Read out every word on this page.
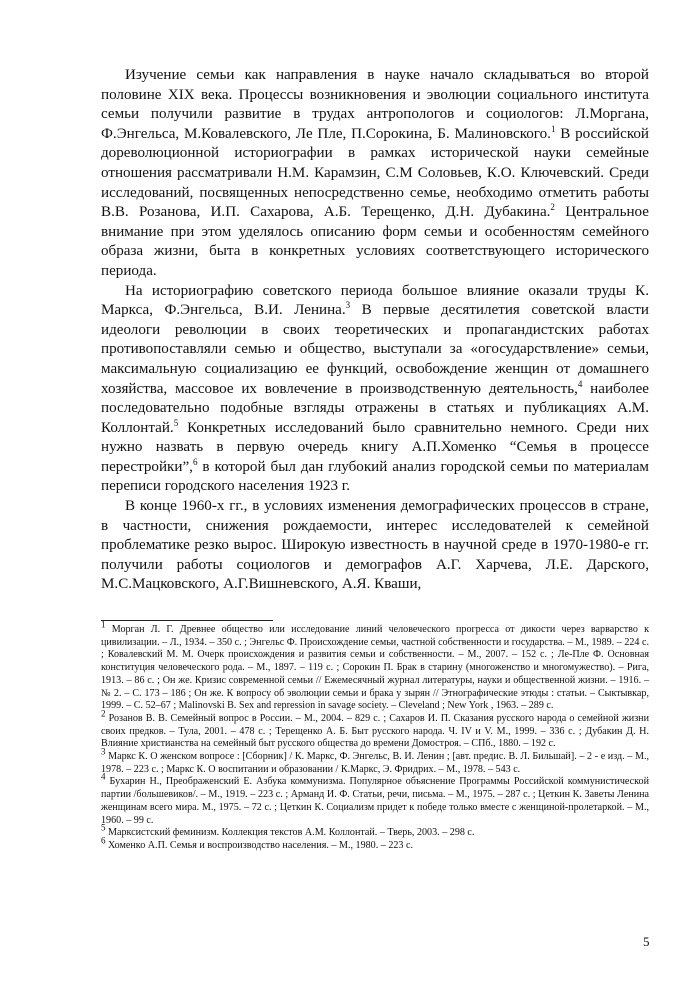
Изучение семьи как направления в науке начало складываться во второй половине XIX века. Процессы возникновения и эволюции социального института семьи получили развитие в трудах антропологов и социологов: Л.Моргана, Ф.Энгельса, М.Ковалевского, Ле Пле, П.Сорокина, Б. Малиновского.$^1$ В российской дореволюционной историографии в рамках исторической науки семейные отношения рассматривали Н.М. Карамзин, С.М Соловьев, К.О. Ключевский. Среди исследований, посвященных непосредственно семье, необходимо отметить работы В.В. Розанова, И.П. Сахарова, А.Б. Терещенко, Д.Н. Дубакина.$^2$ Центральное внимание при этом уделялось описанию форм семьи и особенностям семейного образа жизни, быта в конкретных условиях соответствующего исторического периода.

На историографию советского периода большое влияние оказали труды К. Маркса, Ф.Энгельса, В.И. Ленина.$^3$ В первые десятилетия советской власти идеологи революции в своих теоретических и пропагандистских работах противопоставляли семью и общество, выступали за «огосударствление» семьи, максимальную социализацию ее функций, освобождение женщин от домашнего хозяйства, массовое их вовлечение в производственную деятельность,$^4$ наиболее последовательно подобные взгляды отражены в статьях и публикациях А.М. Коллонтай.$^5$ Конкретных исследований было сравнительно немного. Среди них нужно назвать в первую очередь книгу А.П.Хоменко “Семья в процессе перестройки”,$^6$ в которой был дан глубокий анализ городской семьи по материалам переписи городского населения 1923 г.

В конце 1960-х гг., в условиях изменения демографических процессов в стране, в частности, снижения рождаемости, интерес исследователей к семейной проблематике резко вырос. Широкую известность в научной среде в 1970-1980-е гг. получили работы социологов и демографов А.Г. Харчева, Л.Е. Дарского, М.С.Мацковского, А.Г.Вишневского, А.Я. Кваши,

$^1$ Морган Л. Г. Древнее общество или исследование линий человеческого прогресса от дикости через варварство к цивилизации. – Л., 1934. – 350 с. ; Энгельс Ф. Происхождение семьи, частной собственности и государства. – М., 1989. – 224 с. ; Ковалевский М. М. Очерк происхождения и развития семьи и собственности. – М., 2007. – 152 с. ; Ле-Пле Ф. Основная конституция человеческого рода. – М., 1897. – 119 с. ; Сорокин П. Брак в старину (многоженство и многомужество). – Рига, 1913. – 86 с. ; Он же. Кризис современной семьи // Ежемесячный журнал литературы, науки и общественной жизни. – 1916. – № 2. – С. 173 – 186 ; Он же. К вопросу об эволюции семьи и брака у зырян // Этнографические этюды : статьи. – Сыктывкар, 1999. – С. 52–67 ; Malinovski B. Sex and repression in savage society. – Cleveland ; New York , 1963. – 289 с.

$^2$ Розанов В. В. Семейный вопрос в России. – М., 2004. – 829 с. ; Сахаров И. П. Сказания русского народа о семейной жизни своих предков. – Тула, 2001. – 478 с. ; Терещенко А. Б. Быт русского народа. Ч. IV и V. М., 1999. – 336 с. ; Дубакин Д. Н. Влияние христианства на семейный быт русского общества до времени Домостроя. – СПб., 1880. – 192 с.

$^3$ Маркс К. О женском вопросе : [Сборник] / К. Маркс, Ф. Энгельс, В. И. Ленин ; [авт. предис. В. Л. Бильшай]. – 2 - е изд. – М., 1978. – 223 с. ; Маркс К. О воспитании и образовании / К.Маркс, Э. Фридрих. – М., 1978. – 543 с.

$^4$ Бухарин Н., Преображенский Е. Азбука коммунизма. Популярное объяснение Программы Российской коммунистической партии /большевиков/. – М., 1919. – 223 с. ; Арманд И. Ф. Статьи, речи, письма. – М., 1975. – 287 с. ; Цеткин К. Заветы Ленина женщинам всего мира. М., 1975. – 72 с. ; Цеткин К. Социализм придет к победе только вместе с женщиной-пролетаркой. – М., 1960. – 99 с.

$^5$ Марксистский феминизм. Коллекция текстов А.М. Коллонтай. – Тверь, 2003. – 298 с.

$^6$ Хоменко А.П. Семья и воспроизводство населения. – М., 1980. – 223 с.

5
